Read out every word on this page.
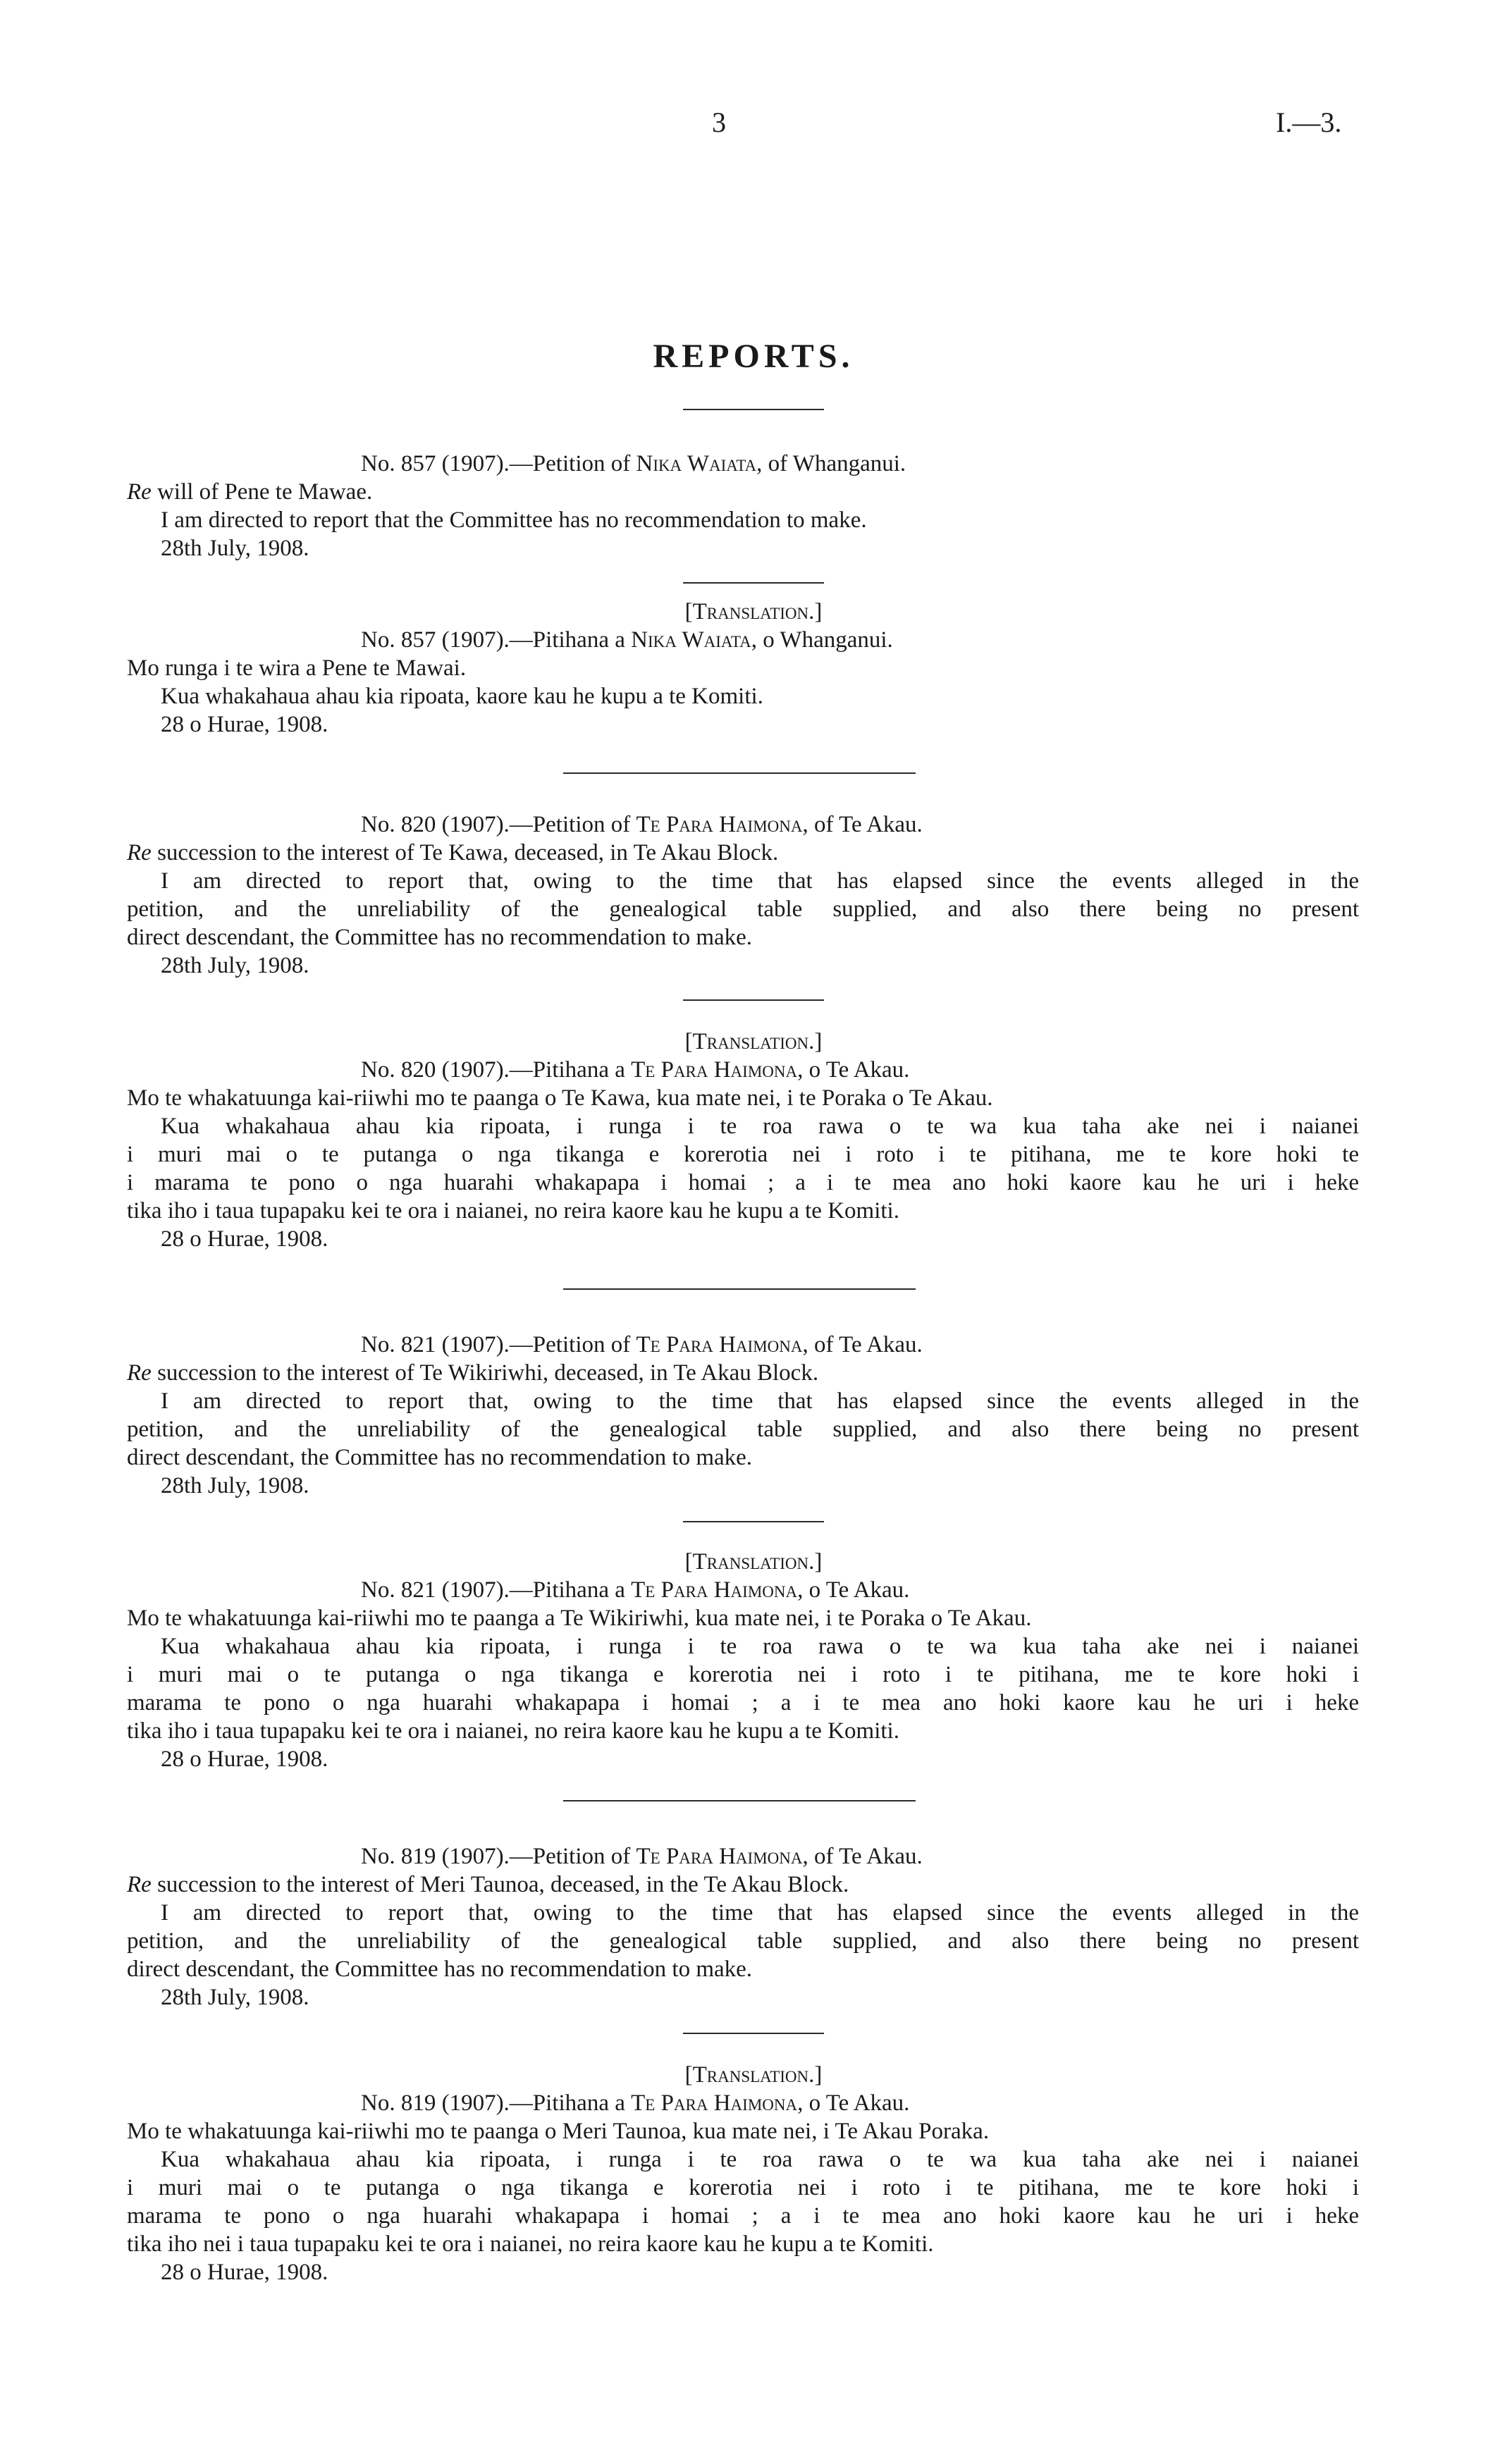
3	I.—3.
REPORTS.
No. 857 (1907).—Petition of Nika Waiata, of Whanganui.
Re will of Pene te Mawae.
I am directed to report that the Committee has no recommendation to make.
28th July, 1908.
[Translation.]
No. 857 (1907).—Pitihana a Nika Waiata, o Whanganui.
Mo runga i te wira a Pene te Mawai.
Kua whakahaua ahau kia ripoata, kaore kau he kupu a te Komiti.
28 o Hurae, 1908.
No. 820 (1907).—Petition of Te Para Haimona, of Te Akau.
Re succession to the interest of Te Kawa, deceased, in Te Akau Block.
I am directed to report that, owing to the time that has elapsed since the events alleged in the
petition, and the unreliability of the genealogical table supplied, and also there being no present
direct descendant, the Committee has no recommendation to make.
28th July, 1908.
[Translation.]
No. 820 (1907).—Pitihana a Te Para Haimona, o Te Akau.
Mo te whakatuunga kai-riiwhi mo te paanga o Te Kawa, kua mate nei, i te Poraka o Te Akau.
Kua whakahaua ahau kia ripoata, i runga i te roa rawa o te wa kua taha ake nei i naianei
i muri mai o te putanga o nga tikanga e korerotia nei i roto i te pitihana, me te kore hoki te
i marama te pono o nga huarahi whakapapa i homai ; a i te mea ano hoki kaore kau he uri i heke
tika iho i taua tupapaku kei te ora i naianei, no reira kaore kau he kupu a te Komiti.
28 o Hurae, 1908.
No. 821 (1907).—Petition of Te Para Haimona, of Te Akau.
Re succession to the interest of Te Wikiriwhi, deceased, in Te Akau Block.
I am directed to report that, owing to the time that has elapsed since the events alleged in the
petition, and the unreliability of the genealogical table supplied, and also there being no present
direct descendant, the Committee has no recommendation to make.
28th July, 1908.
[Translation.]
No. 821 (1907).—Pitihana a Te Para Haimona, o Te Akau.
Mo te whakatuunga kai-riiwhi mo te paanga a Te Wikiriwhi, kua mate nei, i te Poraka o Te Akau.
Kua whakahaua ahau kia ripoata, i runga i te roa rawa o te wa kua taha ake nei i naianei
i muri mai o te putanga o nga tikanga e korerotia nei i roto i te pitihana, me te kore hoki i
marama te pono o nga huarahi whakapapa i homai ; a i te mea ano hoki kaore kau he uri i heke
tika iho i taua tupapaku kei te ora i naianei, no reira kaore kau he kupu a te Komiti.
28 o Hurae, 1908.
No. 819 (1907).—Petition of Te Para Haimona, of Te Akau.
Re succession to the interest of Meri Taunoa, deceased, in the Te Akau Block.
I am directed to report that, owing to the time that has elapsed since the events alleged in the
petition, and the unreliability of the genealogical table supplied, and also there being no present
direct descendant, the Committee has no recommendation to make.
28th July, 1908.
[Translation.]
No. 819 (1907).—Pitihana a Te Para Haimona, o Te Akau.
Mo te whakatuunga kai-riiwhi mo te paanga o Meri Taunoa, kua mate nei, i Te Akau Poraka.
Kua whakahaua ahau kia ripoata, i runga i te roa rawa o te wa kua taha ake nei i naianei
i muri mai o te putanga o nga tikanga e korerotia nei i roto i te pitihana, me te kore hoki i
marama te pono o nga huarahi whakapapa i homai ; a i te mea ano hoki kaore kau he uri i heke
tika iho nei i taua tupapaku kei te ora i naianei, no reira kaore kau he kupu a te Komiti.
28 o Hurae, 1908.
